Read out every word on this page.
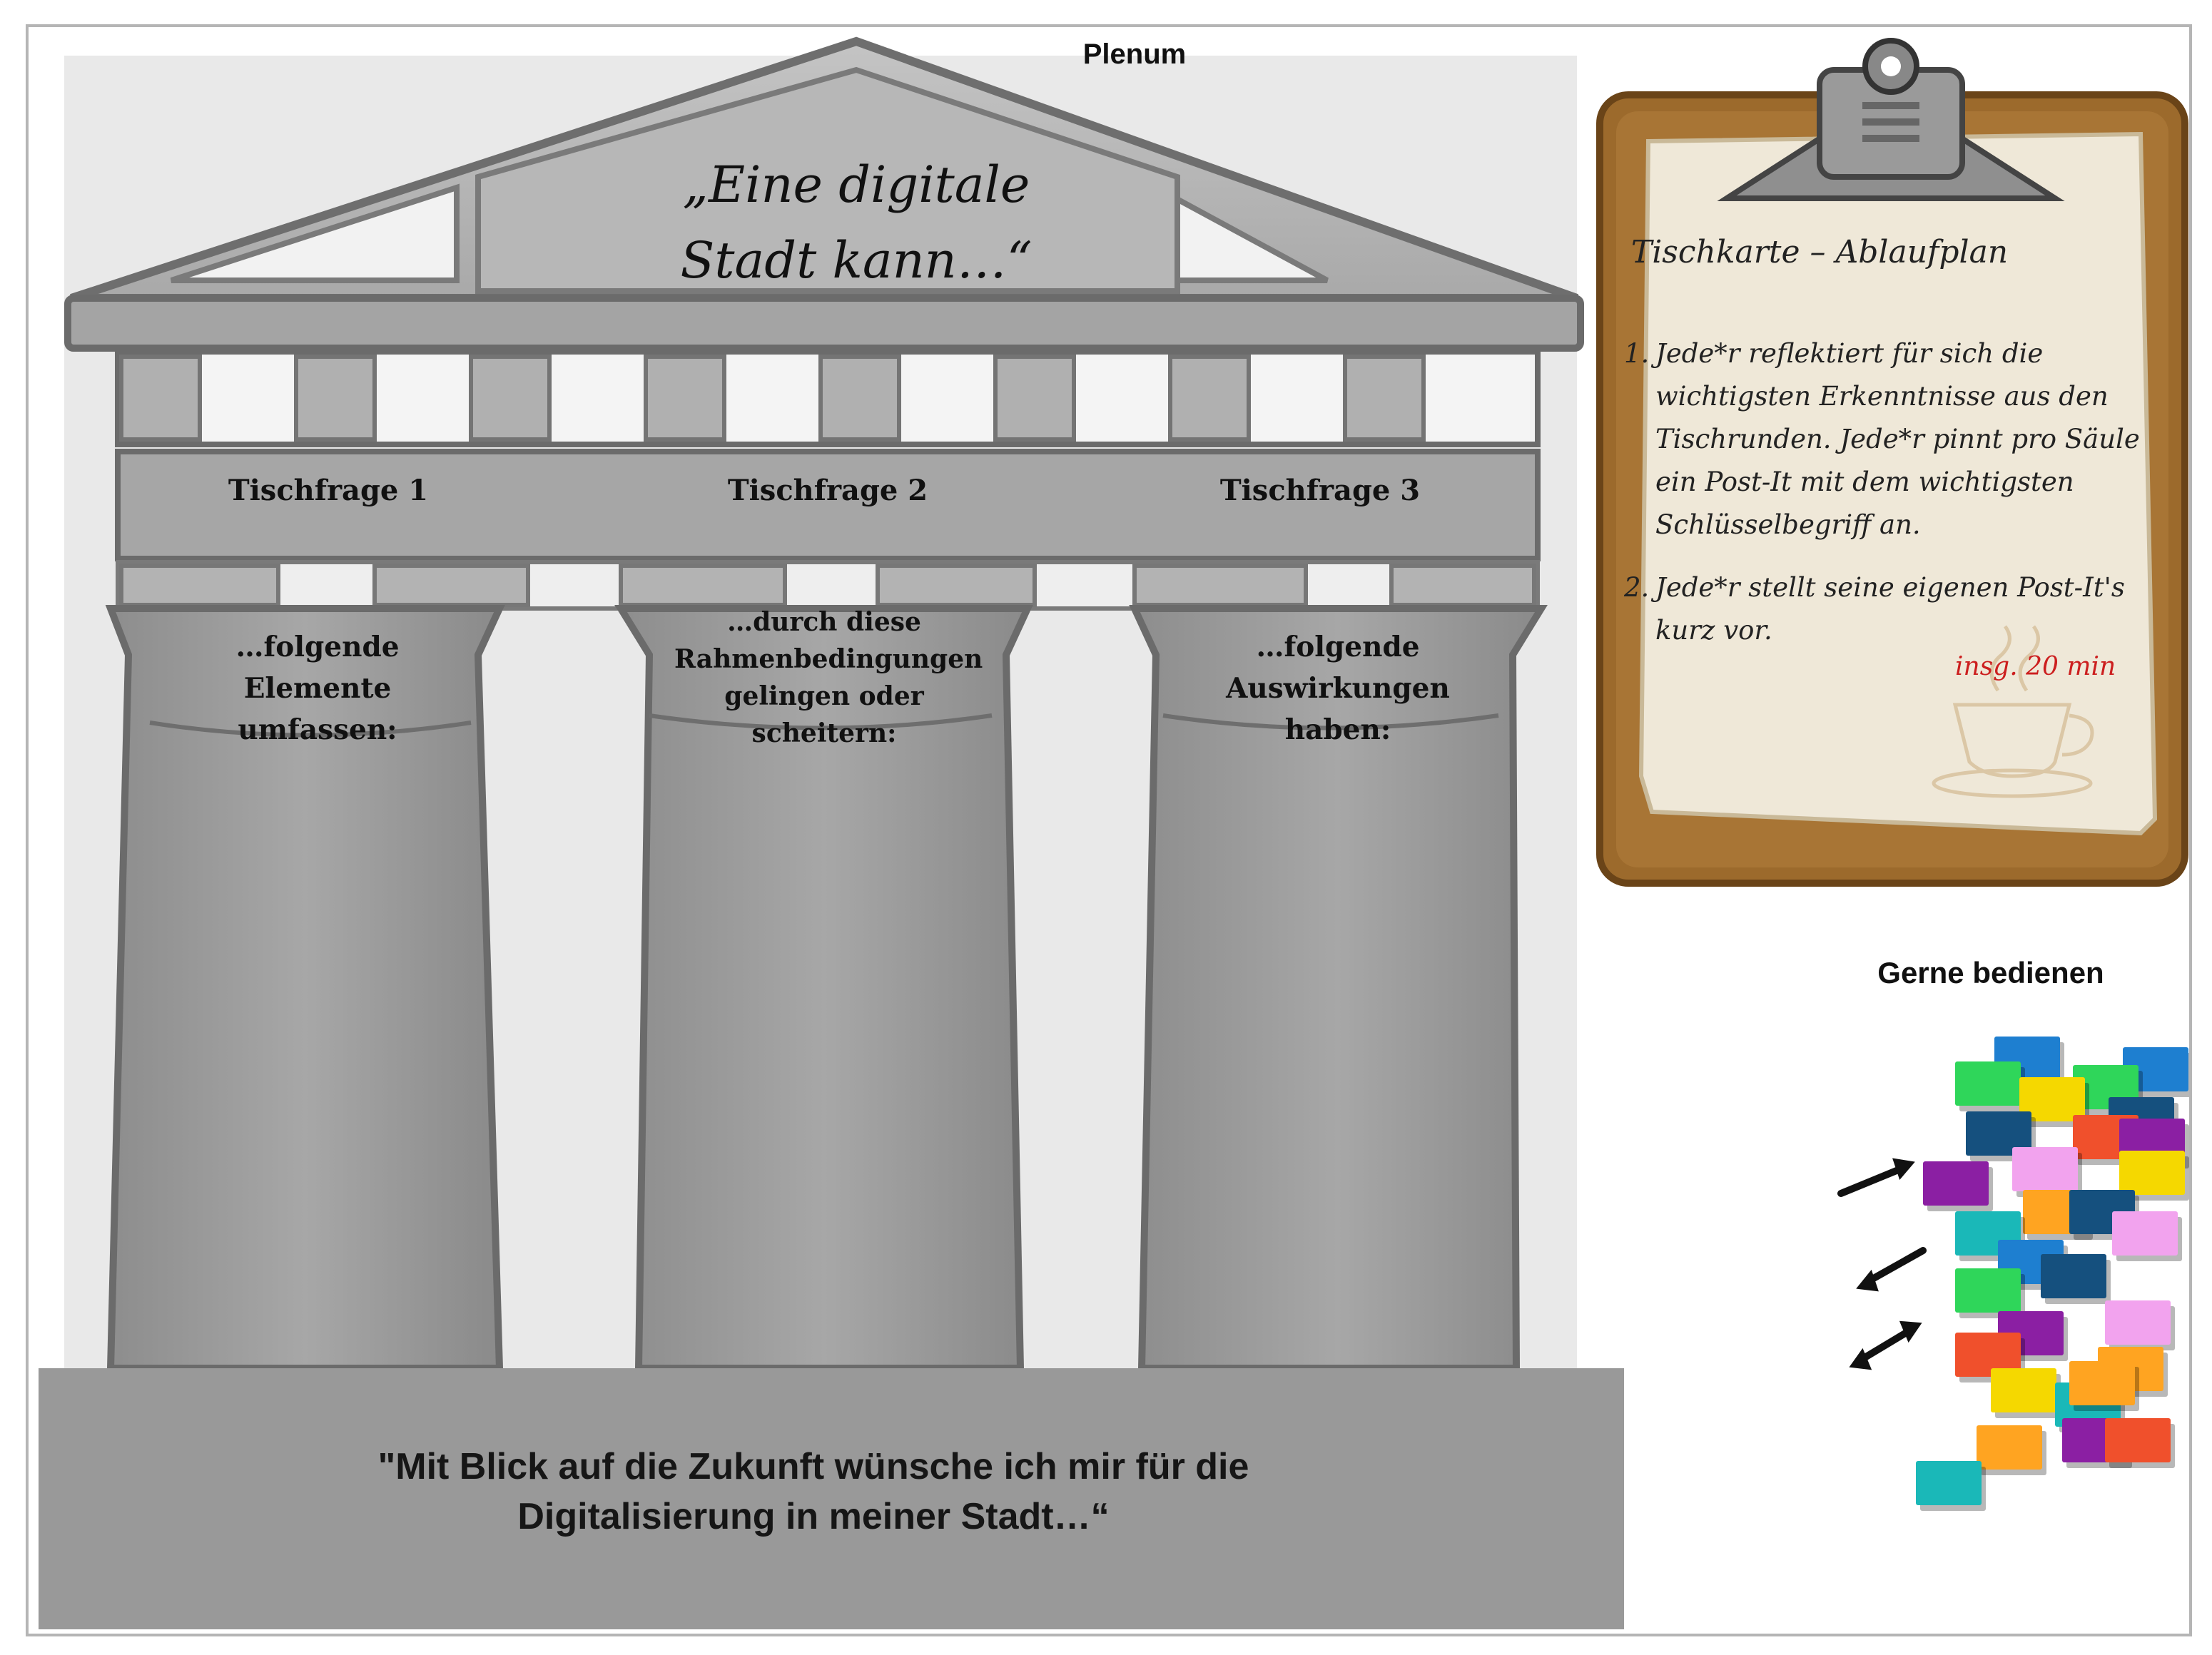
Plenum
„Eine digitale Stadt kann…“
Tischfrage 1	Tischfrage 2	Tischfrage 3
…folgende Elemente umfassen:
…durch diese Rahmenbedingungen gelingen oder scheitern:
…folgende Auswirkungen haben:
"Mit Blick auf die Zukunft wünsche ich mir für die Digitalisierung in meiner Stadt…“
Tischkarte – Ablaufplan
1. Jede*r reflektiert für sich die wichtigsten Erkenntnisse aus den Tischrunden. Jede*r pinnt pro Säule ein Post-It mit dem wichtigsten Schlüsselbegriff an.
2. Jede*r stellt seine eigenen Post-It's kurz vor.
insg. 20 min
Gerne bedienen
